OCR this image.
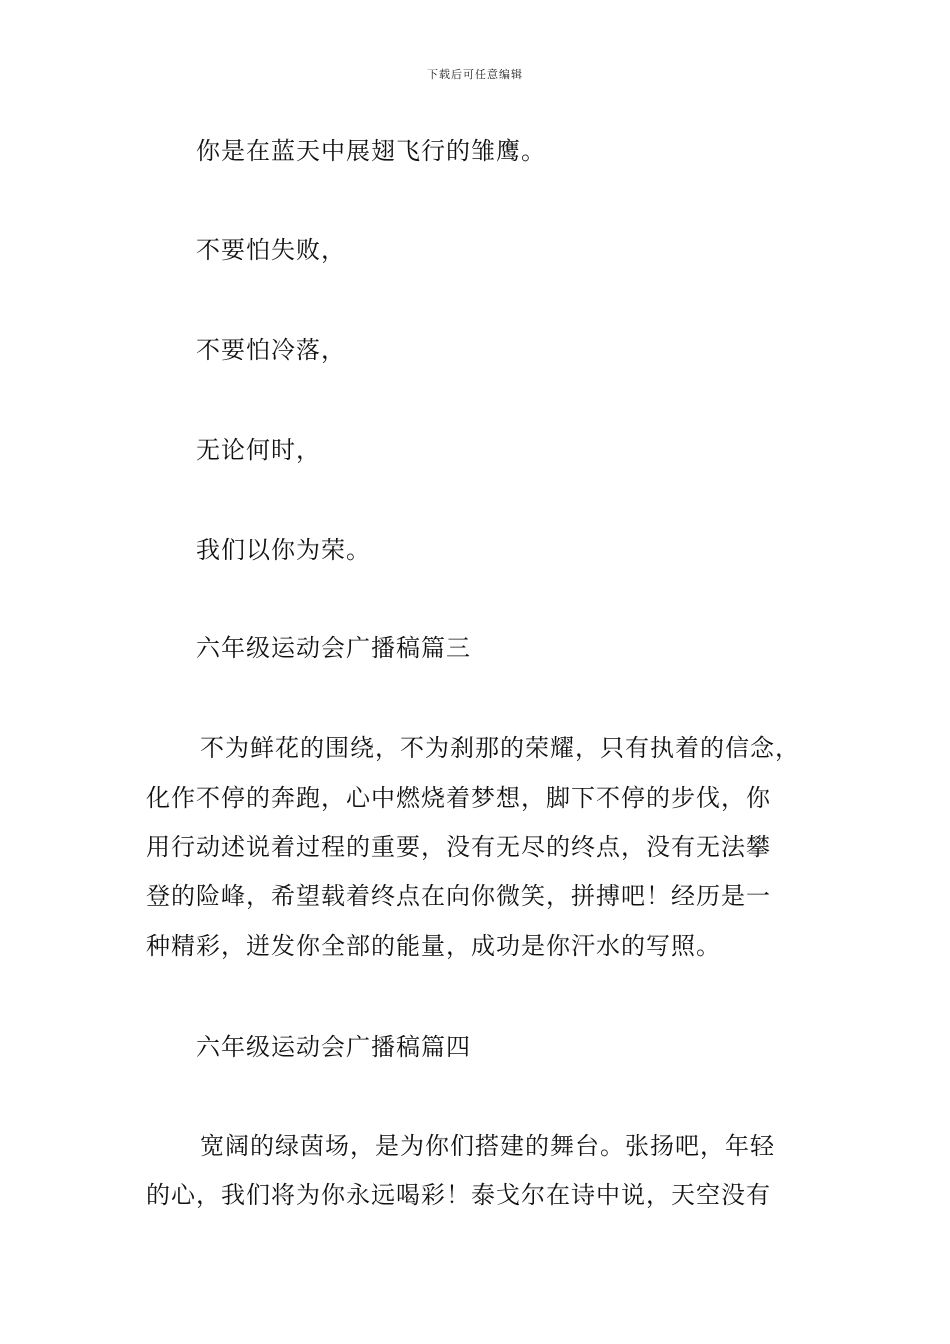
下载后可任意编辑
你是在蓝天中展翅飞行的雏鹰。
不要怕失败，
不要怕冷落，
无论何时，
我们以你为荣。
六年级运动会广播稿篇三
不为鲜花的围绕，不为刹那的荣耀，只有执着的信念，
化作不停的奔跑，心中燃烧着梦想，脚下不停的步伐，你
用行动述说着过程的重要，没有无尽的终点，没有无法攀
登的险峰，希望载着终点在向你微笑，拼搏吧！经历是一
种精彩，迸发你全部的能量，成功是你汗水的写照。
六年级运动会广播稿篇四
宽阔的绿茵场，是为你们搭建的舞台。张扬吧，年轻
的心，我们将为你永远喝彩！泰戈尔在诗中说，天空没有
